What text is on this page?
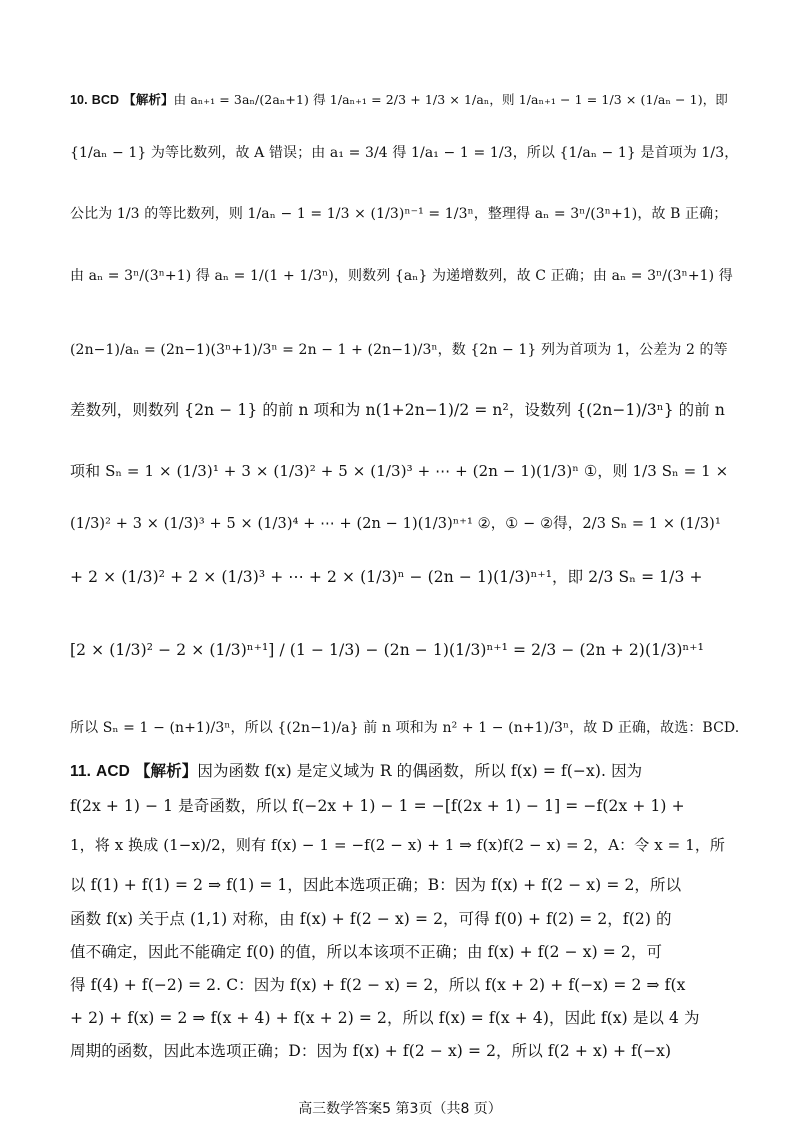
10. BCD 【解析】由 aₙ₊₁ = 3aₙ/(2aₙ+1) 得 1/aₙ₊₁ = 2/3 + 1/3 × 1/aₙ，则 1/aₙ₊₁ − 1 = 1/3 × (1/aₙ − 1)，即
{1/aₙ − 1} 为等比数列，故 A 错误；由 a₁ = 3/4 得 1/a₁ − 1 = 1/3，所以 {1/aₙ − 1} 是首项为 1/3，
公比为 1/3 的等比数列，则 1/aₙ − 1 = 1/3 × (1/3)ⁿ⁻¹ = 1/3ⁿ，整理得 aₙ = 3ⁿ/(3ⁿ+1)，故 B 正确；
由 aₙ = 3ⁿ/(3ⁿ+1) 得 aₙ = 1/(1 + 1/3ⁿ)，则数列 {aₙ} 为递增数列，故 C 正确；由 aₙ = 3ⁿ/(3ⁿ+1) 得
(2n−1)/aₙ = (2n−1)(3ⁿ+1)/3ⁿ = 2n − 1 + (2n−1)/3ⁿ，数 {2n − 1} 列为首项为 1，公差为 2 的等
差数列，则数列 {2n − 1} 的前 n 项和为 n(1+2n−1)/2 = n²，设数列 {(2n−1)/3ⁿ} 的前 n
项和 Sₙ = 1 × (1/3)¹ + 3 × (1/3)² + 5 × (1/3)³ + ⋯ + (2n − 1)(1/3)ⁿ ①，则 1/3 Sₙ = 1 ×
(1/3)² + 3 × (1/3)³ + 5 × (1/3)⁴ + ⋯ + (2n − 1)(1/3)ⁿ⁺¹ ②，① − ②得，2/3 Sₙ = 1 × (1/3)¹
+ 2 × (1/3)² + 2 × (1/3)³ + ⋯ + 2 × (1/3)ⁿ − (2n − 1)(1/3)ⁿ⁺¹，即 2/3 Sₙ = 1/3 +
[2 × (1/3)² − 2 × (1/3)ⁿ⁺¹] / (1 − 1/3) − (2n − 1)(1/3)ⁿ⁺¹ = 2/3 − (2n + 2)(1/3)ⁿ⁺¹
所以 Sₙ = 1 − (n+1)/3ⁿ，所以 {(2n−1)/a} 前 n 项和为 n² + 1 − (n+1)/3ⁿ，故 D 正确，故选：BCD.
11. ACD 【解析】因为函数 f(x) 是定义域为 R 的偶函数，所以 f(x) = f(−x). 因为
f(2x + 1) − 1 是奇函数，所以 f(−2x + 1) − 1 = −[f(2x + 1) − 1] = −f(2x + 1) +
1，将 x 换成 (1−x)/2，则有 f(x) − 1 = −f(2 − x) + 1 ⇒ f(x)f(2 − x) = 2，A：令 x = 1，所
以 f(1) + f(1) = 2 ⇒ f(1) = 1，因此本选项正确；B：因为 f(x) + f(2 − x) = 2，所以
函数 f(x) 关于点 (1,1) 对称，由 f(x) + f(2 − x) = 2，可得 f(0) + f(2) = 2，f(2) 的
值不确定，因此不能确定 f(0) 的值，所以本该项不正确；由 f(x) + f(2 − x) = 2，可
得 f(4) + f(−2) = 2. C：因为 f(x) + f(2 − x) = 2，所以 f(x + 2) + f(−x) = 2 ⇒ f(x
+ 2) + f(x) = 2 ⇒ f(x + 4) + f(x + 2) = 2，所以 f(x) = f(x + 4)，因此 f(x) 是以 4 为
周期的函数，因此本选项正确；D：因为 f(x) + f(2 − x) = 2，所以 f(2 + x) + f(−x)
高三数学答案5 第3页（共8 页）
